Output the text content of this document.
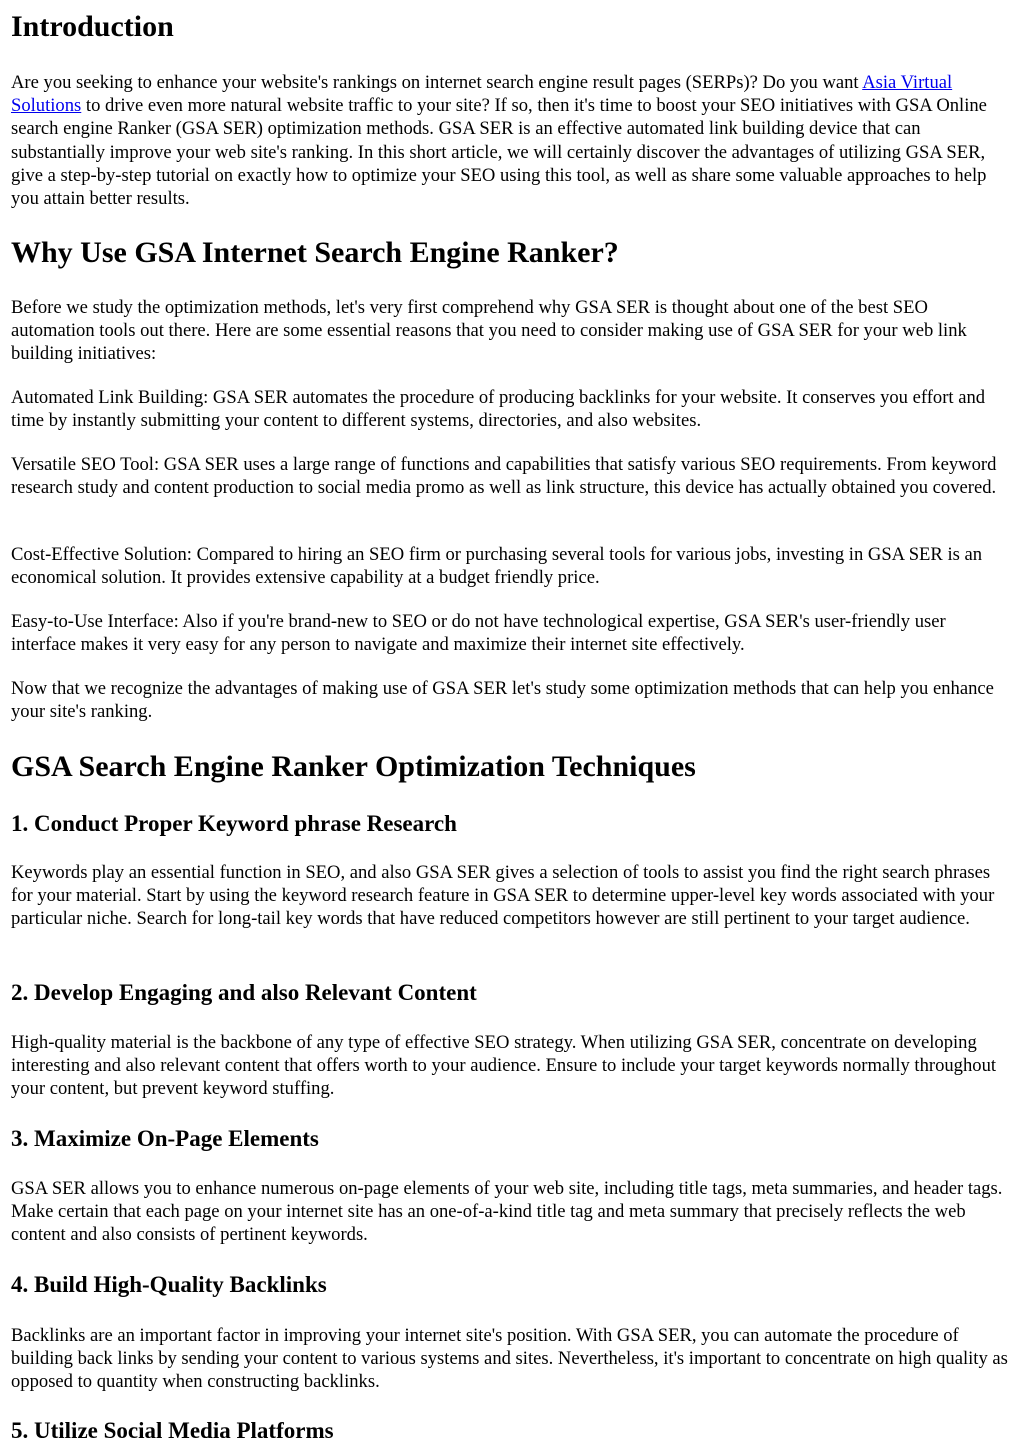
Introduction

Are you seeking to enhance your website's rankings on internet search engine result pages (SERPs)? Do you want Asia Virtual Solutions to drive even more natural website traffic to your site? If so, then it's time to boost your SEO initiatives with GSA Online search engine Ranker (GSA SER) optimization methods. GSA SER is an effective automated link building device that can substantially improve your web site's ranking. In this short article, we will certainly discover the advantages of utilizing GSA SER, give a step-by-step tutorial on exactly how to optimize your SEO using this tool, as well as share some valuable approaches to help you attain better results.

Why Use GSA Internet Search Engine Ranker?

Before we study the optimization methods, let's very first comprehend why GSA SER is thought about one of the best SEO automation tools out there. Here are some essential reasons that you need to consider making use of GSA SER for your web link building initiatives:

Automated Link Building: GSA SER automates the procedure of producing backlinks for your website. It conserves you effort and time by instantly submitting your content to different systems, directories, and also websites.

Versatile SEO Tool: GSA SER uses a large range of functions and capabilities that satisfy various SEO requirements. From keyword research study and content production to social media promo as well as link structure, this device has actually obtained you covered.

Cost-Effective Solution: Compared to hiring an SEO firm or purchasing several tools for various jobs, investing in GSA SER is an economical solution. It provides extensive capability at a budget friendly price.

Easy-to-Use Interface: Also if you're brand-new to SEO or do not have technological expertise, GSA SER's user-friendly user interface makes it very easy for any person to navigate and maximize their internet site effectively.

Now that we recognize the advantages of making use of GSA SER let's study some optimization methods that can help you enhance your site's ranking.

GSA Search Engine Ranker Optimization Techniques
1. Conduct Proper Keyword phrase Research

Keywords play an essential function in SEO, and also GSA SER gives a selection of tools to assist you find the right search phrases for your material. Start by using the keyword research feature in GSA SER to determine upper-level key words associated with your particular niche. Search for long-tail key words that have reduced competitors however are still pertinent to your target audience.

2. Develop Engaging and also Relevant Content

High-quality material is the backbone of any type of effective SEO strategy. When utilizing GSA SER, concentrate on developing interesting and also relevant content that offers worth to your audience. Ensure to include your target keywords normally throughout your content, but prevent keyword stuffing.

3. Maximize On-Page Elements

GSA SER allows you to enhance numerous on-page elements of your web site, including title tags, meta summaries, and header tags. Make certain that each page on your internet site has an one-of-a-kind title tag and meta summary that precisely reflects the web content and also consists of pertinent keywords.

4. Build High-Quality Backlinks

Backlinks are an important factor in improving your internet site's position. With GSA SER, you can automate the procedure of building back links by sending your content to various systems and sites. Nevertheless, it's important to concentrate on high quality as opposed to quantity when constructing backlinks.

5. Utilize Social Media Platforms
